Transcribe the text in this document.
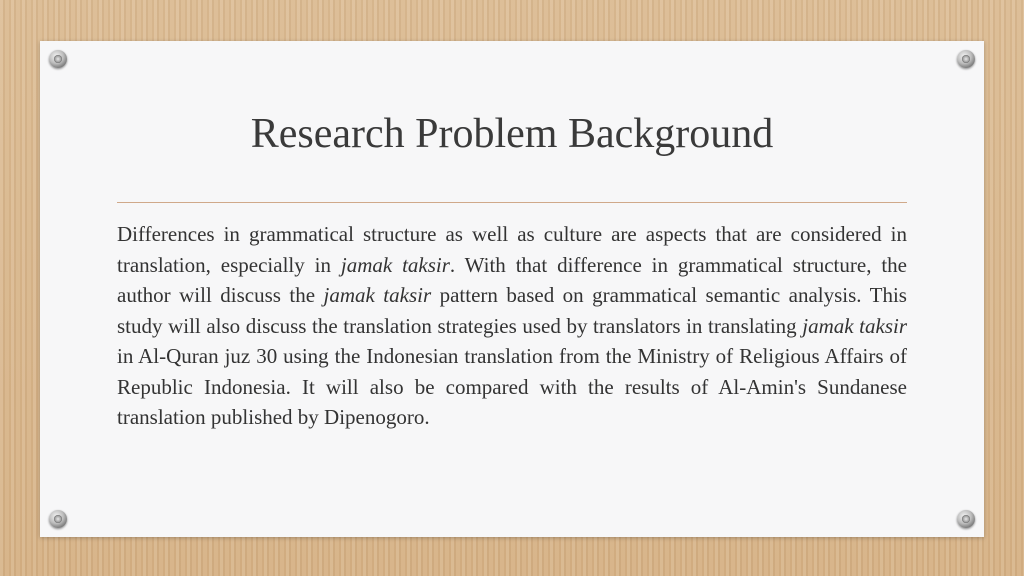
Research Problem Background

Differences in grammatical structure as well as culture are aspects that are considered in translation, especially in jamak taksir. With that difference in grammatical structure, the author will discuss the jamak taksir pattern based on grammatical semantic analysis. This study will also discuss the translation strategies used by translators in translating jamak taksir in Al-Quran juz 30 using the Indonesian translation from the Ministry of Religious Affairs of Republic Indonesia. It will also be compared with the results of Al-Amin's Sundanese translation published by Dipenogoro.
